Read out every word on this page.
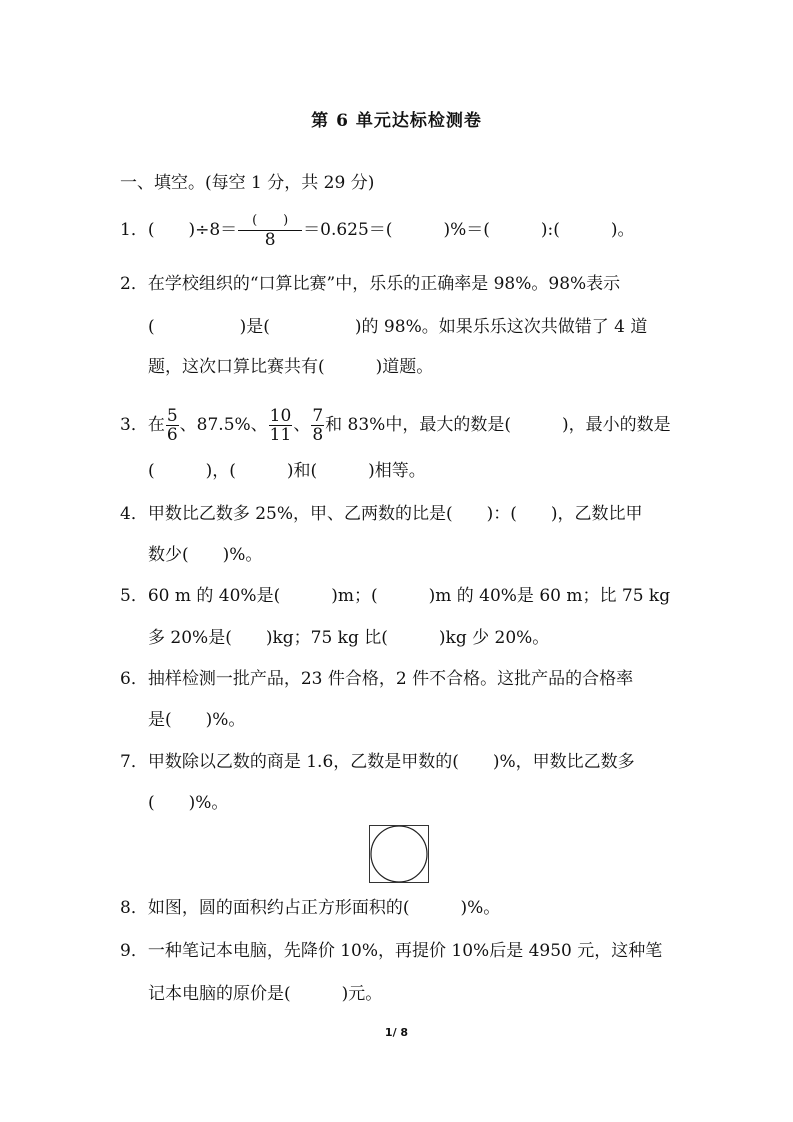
第 6 单元达标检测卷
一、填空。(每空 1 分，共 29 分)
1．(　　)$\div 8= \frac{( )}{8} =0.625=$(　　　)%＝(　　　):(　　　)。
2．在学校组织的“口算比赛”中，乐乐的正确率是 98%。98%表示
(　　　　　)是(　　　　　)的 98%。如果乐乐这次共做错了 4 道
题，这次口算比赛共有(　　　)道题。
3．在 $\frac{5}{6}$ 、87.5%、 $\frac{10}{11}$ 、 $\frac{7}{8}$ 和 83%中，最大的数是(　　　)，最小的数是
(　　　)，(　　　)和(　　　)相等。
4．甲数比乙数多 25%，甲、乙两数的比是(　　)：(　　)，乙数比甲
数少(　　)%。
5．60 m 的 40%是(　　　)m；(　　　)m 的 40%是 60 m；比 75 kg
多 20%是(　　)kg；75 kg 比(　　　)kg 少 20%。
6．抽样检测一批产品，23 件合格，2 件不合格。这批产品的合格率
是(　　)%。
7．甲数除以乙数的商是 1.6，乙数是甲数的(　　)%，甲数比乙数多
(　　)%。
8．如图，圆的面积约占正方形面积的(　　　)%。
9．一种笔记本电脑，先降价 10%，再提价 10%后是 4950 元，这种笔
记本电脑的原价是(　　　)元。
1/ 8
